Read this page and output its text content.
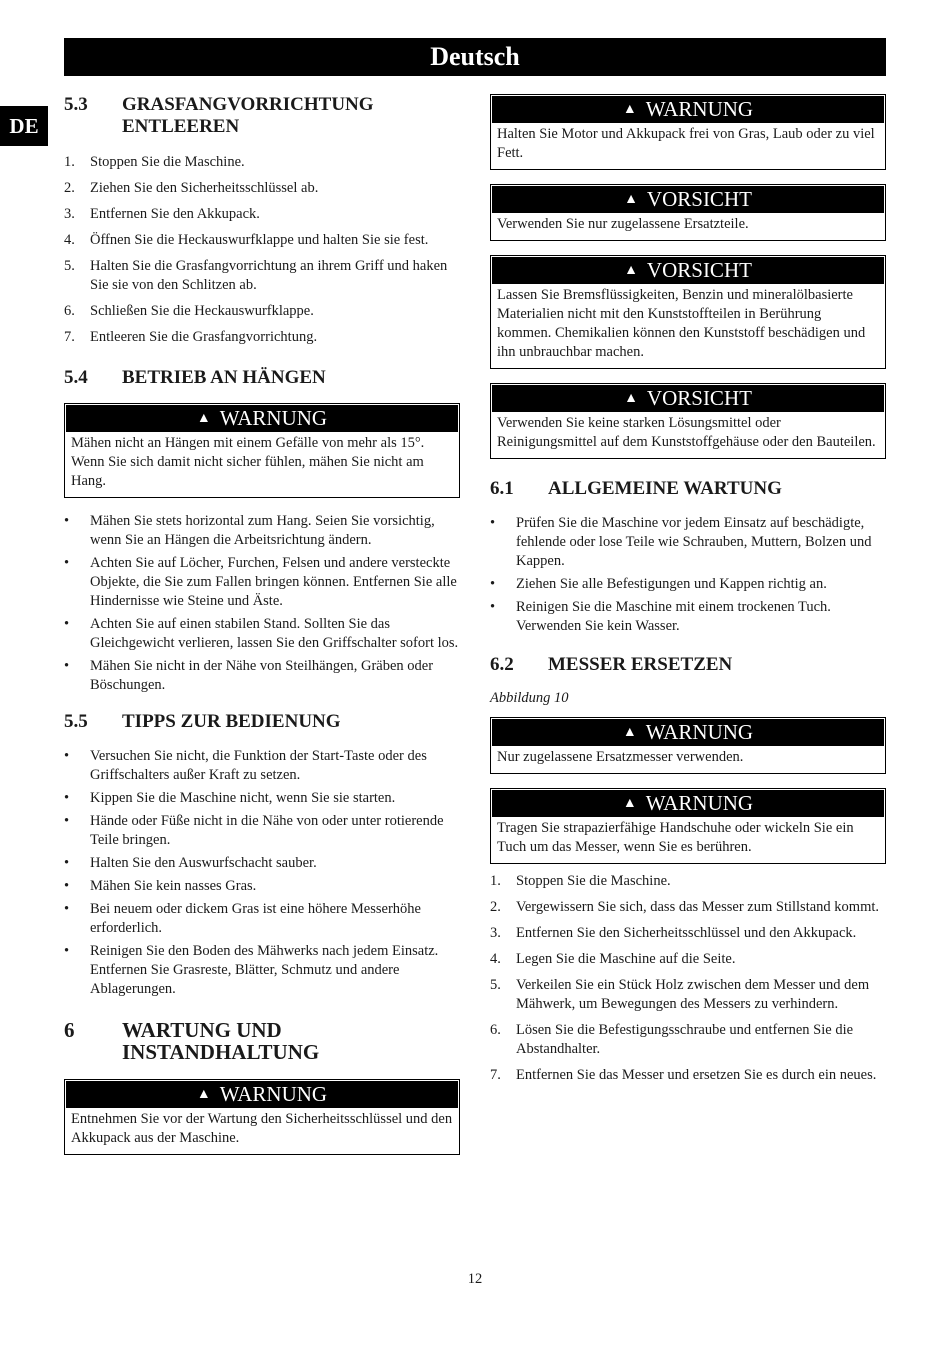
Deutsch
DE
5.3	GRASFANGVORRICHTUNG ENTLEEREN
1.	Stoppen Sie die Maschine.
2.	Ziehen Sie den Sicherheitsschlüssel ab.
3.	Entfernen Sie den Akkupack.
4.	Öffnen Sie die Heckauswurfklappe und halten Sie sie fest.
5.	Halten Sie die Grasfangvorrichtung an ihrem Griff und haken Sie sie von den Schlitzen ab.
6.	Schließen Sie die Heckauswurfklappe.
7.	Entleeren Sie die Grasfangvorrichtung.
5.4	BETRIEB AN HÄNGEN
▲ WARNUNG
Mähen nicht an Hängen mit einem Gefälle von mehr als 15°. Wenn Sie sich damit nicht sicher fühlen, mähen Sie nicht am Hang.
•	Mähen Sie stets horizontal zum Hang. Seien Sie vorsichtig, wenn Sie an Hängen die Arbeitsrichtung ändern.
•	Achten Sie auf Löcher, Furchen, Felsen und andere versteckte Objekte, die Sie zum Fallen bringen können. Entfernen Sie alle Hindernisse wie Steine und Äste.
•	Achten Sie auf einen stabilen Stand. Sollten Sie das Gleichgewicht verlieren, lassen Sie den Griffschalter sofort los.
•	Mähen Sie nicht in der Nähe von Steilhängen, Gräben oder Böschungen.
5.5	TIPPS ZUR BEDIENUNG
•	Versuchen Sie nicht, die Funktion der Start-Taste oder des Griffschalters außer Kraft zu setzen.
•	Kippen Sie die Maschine nicht, wenn Sie sie starten.
•	Hände oder Füße nicht in die Nähe von oder unter rotierende Teile bringen.
•	Halten Sie den Auswurfschacht sauber.
•	Mähen Sie kein nasses Gras.
•	Bei neuem oder dickem Gras ist eine höhere Messerhöhe erforderlich.
•	Reinigen Sie den Boden des Mähwerks nach jedem Einsatz. Entfernen Sie Grasreste, Blätter, Schmutz und andere Ablagerungen.
6	WARTUNG UND INSTANDHALTUNG
▲ WARNUNG
Entnehmen Sie vor der Wartung den Sicherheitsschlüssel und den Akkupack aus der Maschine.
▲ WARNUNG
Halten Sie Motor und Akkupack frei von Gras, Laub oder zu viel Fett.
▲ VORSICHT
Verwenden Sie nur zugelassene Ersatzteile.
▲ VORSICHT
Lassen Sie Bremsflüssigkeiten, Benzin und mineralölbasierte Materialien nicht mit den Kunststoffteilen in Berührung kommen. Chemikalien können den Kunststoff beschädigen und ihn unbrauchbar machen.
▲ VORSICHT
Verwenden Sie keine starken Lösungsmittel oder Reinigungsmittel auf dem Kunststoffgehäuse oder den Bauteilen.
6.1	ALLGEMEINE WARTUNG
•	Prüfen Sie die Maschine vor jedem Einsatz auf beschädigte, fehlende oder lose Teile wie Schrauben, Muttern, Bolzen und Kappen.
•	Ziehen Sie alle Befestigungen und Kappen richtig an.
•	Reinigen Sie die Maschine mit einem trockenen Tuch. Verwenden Sie kein Wasser.
6.2	MESSER ERSETZEN

Abbildung 10

▲ WARNUNG
Nur zugelassene Ersatzmesser verwenden.
▲ WARNUNG
Tragen Sie strapazierfähige Handschuhe oder wickeln Sie ein Tuch um das Messer, wenn Sie es berühren.
1.	Stoppen Sie die Maschine.
2.	Vergewissern Sie sich, dass das Messer zum Stillstand kommt.
3.	Entfernen Sie den Sicherheitsschlüssel und den Akkupack.
4.	Legen Sie die Maschine auf die Seite.
5.	Verkeilen Sie ein Stück Holz zwischen dem Messer und dem Mähwerk, um Bewegungen des Messers zu verhindern.
6.	Lösen Sie die Befestigungsschraube und entfernen Sie die Abstandhalter.
7.	Entfernen Sie das Messer und ersetzen Sie es durch ein neues.
12
